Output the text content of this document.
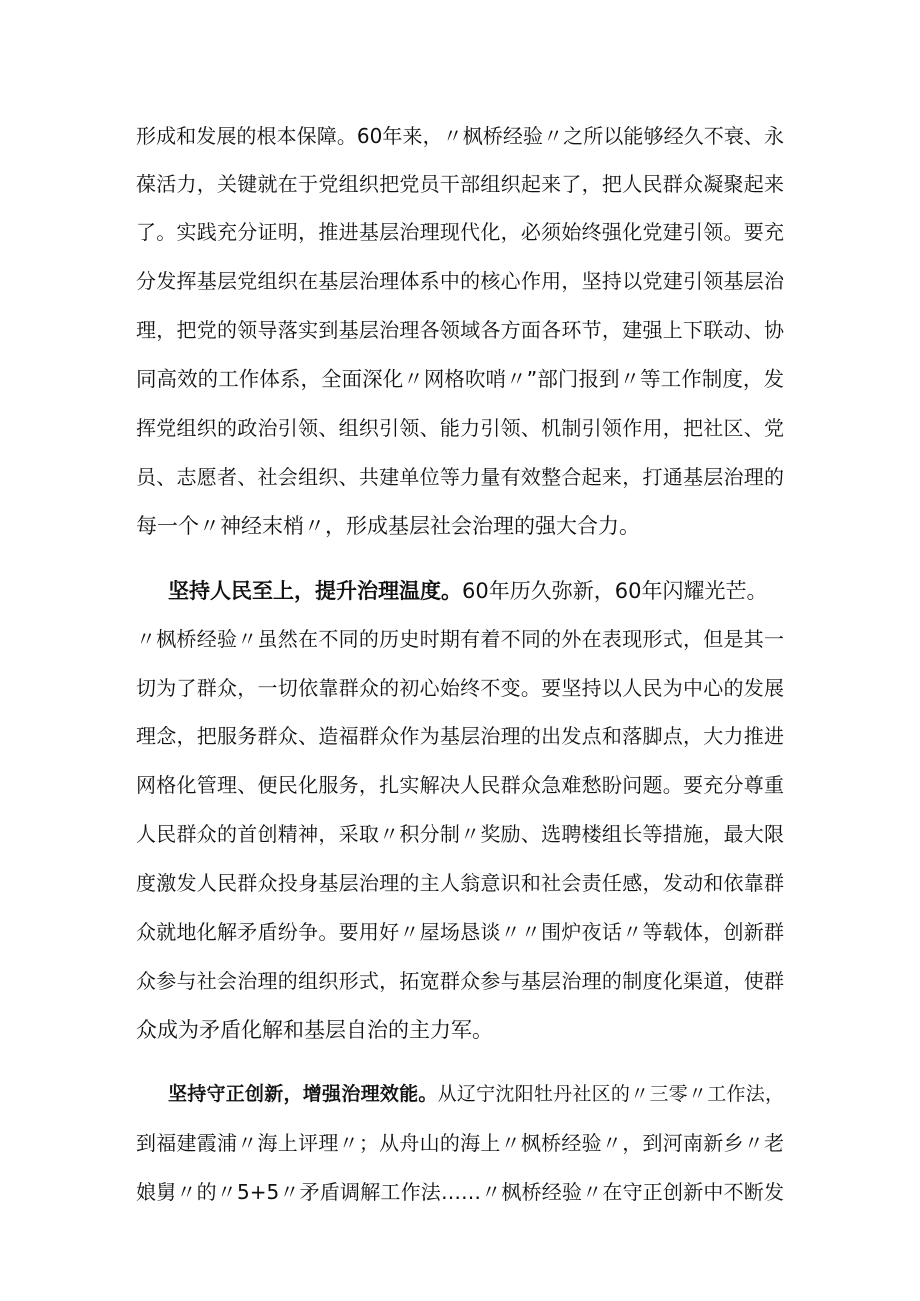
形成和发展的根本保障。60年来，〃枫桥经验〃之所以能够经久不衰、永

葆活力，关键就在于党组织把党员干部组织起来了，把人民群众凝聚起来

了。实践充分证明，推进基层治理现代化，必须始终强化党建引领。要充

分发挥基层党组织在基层治理体系中的核心作用，坚持以党建引领基层治

理，把党的领导落实到基层治理各领域各方面各环节，建强上下联动、协

同高效的工作体系，全面深化〃网格吹哨〃”部门报到〃等工作制度，发

挥党组织的政治引领、组织引领、能力引领、机制引领作用，把社区、党

员、志愿者、社会组织、共建单位等力量有效整合起来，打通基层治理的

每一个〃神经末梢〃，形成基层社会治理的强大合力。

坚持人民至上，提升治理温度。60年历久弥新，60年闪耀光芒。

〃枫桥经验〃虽然在不同的历史时期有着不同的外在表现形式，但是其一

切为了群众，一切依靠群众的初心始终不变。要坚持以人民为中心的发展

理念，把服务群众、造福群众作为基层治理的出发点和落脚点，大力推进

网格化管理、便民化服务，扎实解决人民群众急难愁盼问题。要充分尊重

人民群众的首创精神，采取〃积分制〃奖励、选聘楼组长等措施，最大限

度激发人民群众投身基层治理的主人翁意识和社会责任感，发动和依靠群

众就地化解矛盾纷争。要用好〃屋场恳谈〃〃围炉夜话〃等载体，创新群

众参与社会治理的组织形式，拓宽群众参与基层治理的制度化渠道，使群

众成为矛盾化解和基层自治的主力军。

坚持守正创新，增强治理效能。从辽宁沈阳牡丹社区的〃三零〃工作法，

到福建霞浦〃海上评理〃；从舟山的海上〃枫桥经验〃，到河南新乡〃老

娘舅〃的〃5+5〃矛盾调解工作法……〃枫桥经验〃在守正创新中不断发
